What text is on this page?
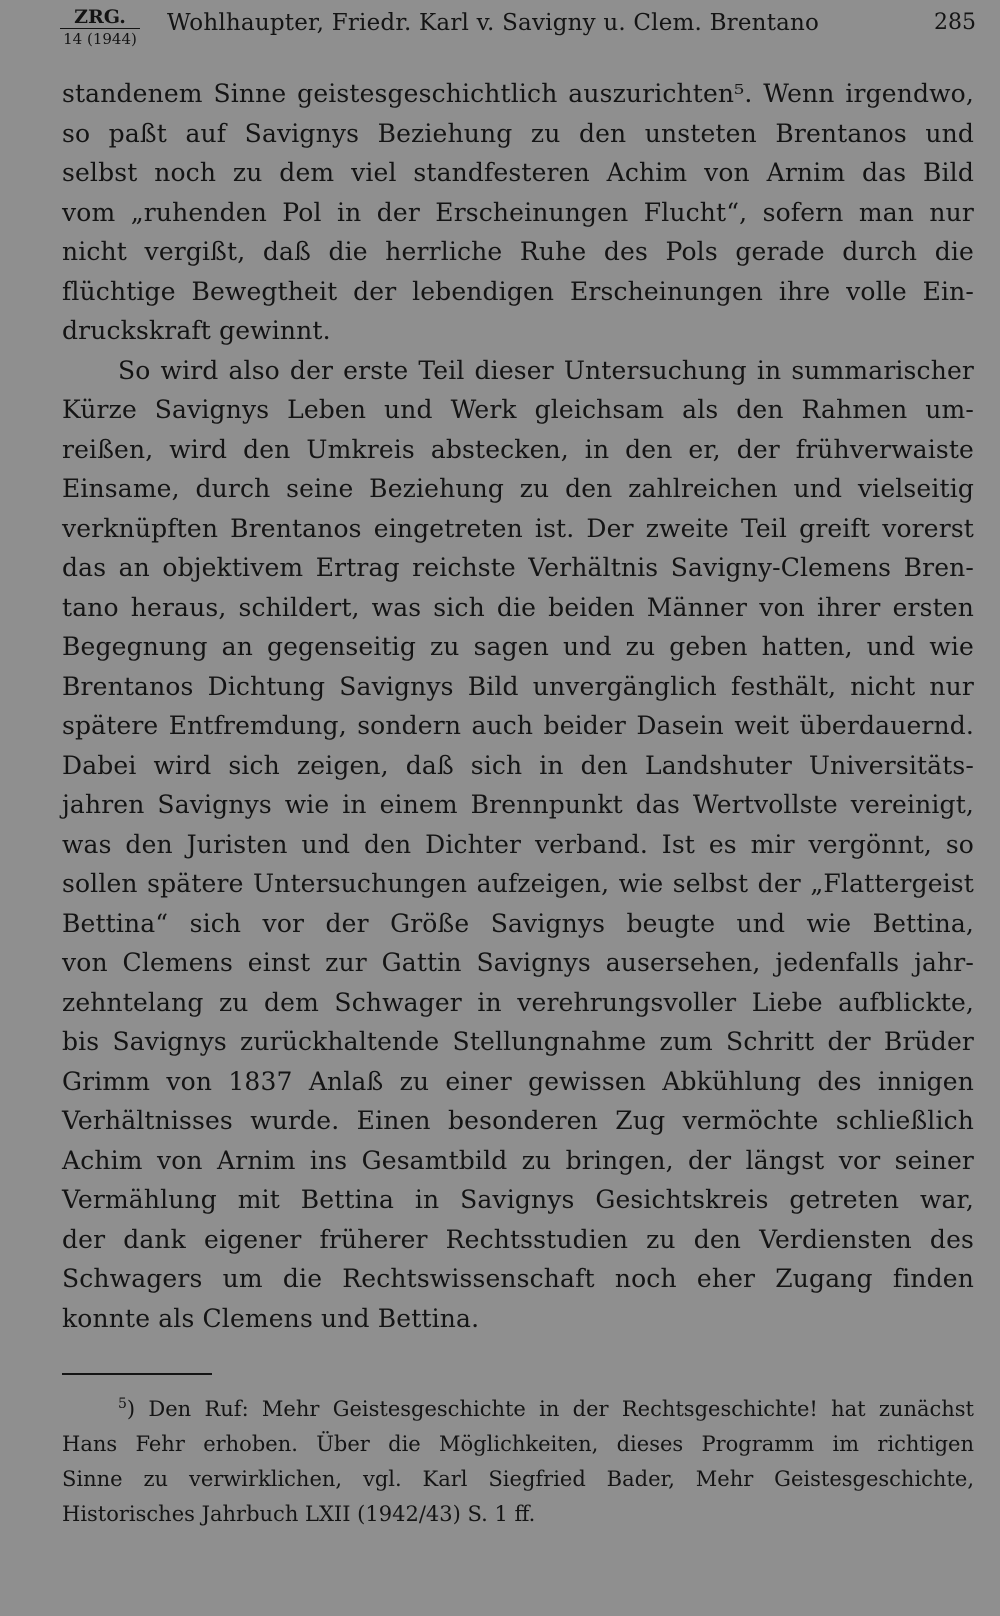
ZRG.
14 (1944)
Wohlhaupter, Friedr. Karl v. Savigny u. Clem. Brentano	285
standenem Sinne geistesgeschichtlich auszurichten⁵. Wenn irgendwo,
so paßt auf Savignys Beziehung zu den unsteten Brentanos und
selbst noch zu dem viel standfesteren Achim von Arnim das Bild
vom „ruhenden Pol in der Erscheinungen Flucht“, sofern man nur
nicht vergißt, daß die herrliche Ruhe des Pols gerade durch die
flüchtige Bewegtheit der lebendigen Erscheinungen ihre volle Ein-
druckskraft gewinnt.
So wird also der erste Teil dieser Untersuchung in summarischer
Kürze Savignys Leben und Werk gleichsam als den Rahmen um-
reißen, wird den Umkreis abstecken, in den er, der frühverwaiste
Einsame, durch seine Beziehung zu den zahlreichen und vielseitig
verknüpften Brentanos eingetreten ist. Der zweite Teil greift vorerst
das an objektivem Ertrag reichste Verhältnis Savigny-Clemens Bren-
tano heraus, schildert, was sich die beiden Männer von ihrer ersten
Begegnung an gegenseitig zu sagen und zu geben hatten, und wie
Brentanos Dichtung Savignys Bild unvergänglich festhält, nicht nur
spätere Entfremdung, sondern auch beider Dasein weit überdauernd.
Dabei wird sich zeigen, daß sich in den Landshuter Universitäts-
jahren Savignys wie in einem Brennpunkt das Wertvollste vereinigt,
was den Juristen und den Dichter verband. Ist es mir vergönnt, so
sollen spätere Untersuchungen aufzeigen, wie selbst der „Flattergeist
Bettina“ sich vor der Größe Savignys beugte und wie Bettina,
von Clemens einst zur Gattin Savignys ausersehen, jedenfalls jahr-
zehntelang zu dem Schwager in verehrungsvoller Liebe aufblickte,
bis Savignys zurückhaltende Stellungnahme zum Schritt der Brüder
Grimm von 1837 Anlaß zu einer gewissen Abkühlung des innigen
Verhältnisses wurde. Einen besonderen Zug vermöchte schließlich
Achim von Arnim ins Gesamtbild zu bringen, der längst vor seiner
Vermählung mit Bettina in Savignys Gesichtskreis getreten war,
der dank eigener früherer Rechtsstudien zu den Verdiensten des
Schwagers um die Rechtswissenschaft noch eher Zugang finden
konnte als Clemens und Bettina.
$^5$) Den Ruf: Mehr Geistesgeschichte in der Rechtsgeschichte! hat zunächst
Hans Fehr erhoben. Über die Möglichkeiten, dieses Programm im richtigen
Sinne zu verwirklichen, vgl. Karl Siegfried Bader, Mehr Geistesgeschichte,
Historisches Jahrbuch LXII (1942/43) S. 1 ff.
